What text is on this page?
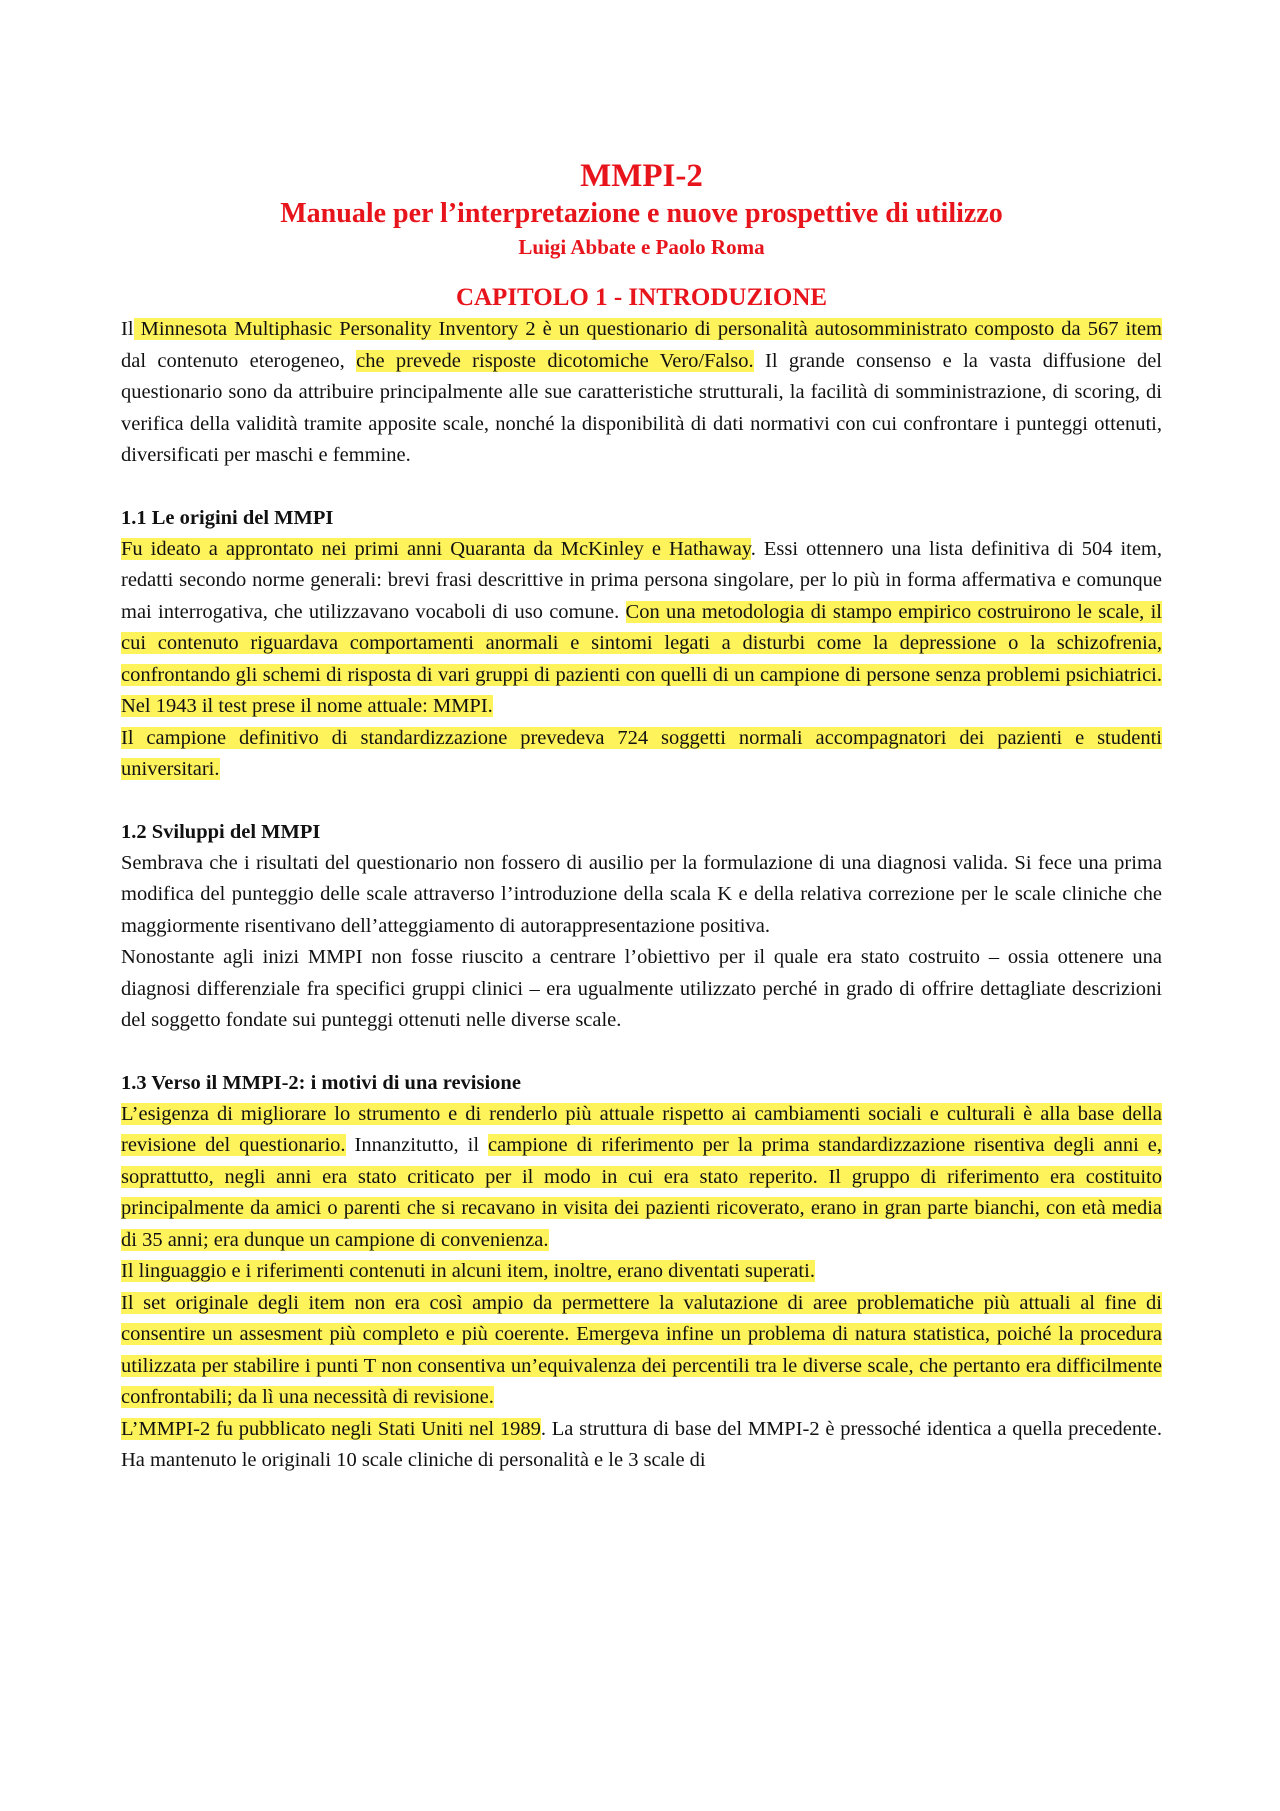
MMPI-2

Manuale per l’interpretazione e nuove prospettive di utilizzo

Luigi Abbate e Paolo Roma

CAPITOLO 1 - INTRODUZIONE

Il Minnesota Multiphasic Personality Inventory 2 è un questionario di personalità autosomministrato composto da 567 item dal contenuto eterogeneo, che prevede risposte dicotomiche Vero/Falso. Il grande consenso e la vasta diffusione del questionario sono da attribuire principalmente alle sue caratteristiche strutturali, la facilità di somministrazione, di scoring, di verifica della validità tramite apposite scale, nonché la disponibilità di dati normativi con cui confrontare i punteggi ottenuti, diversificati per maschi e femmine.

1.1 Le origini del MMPI

Fu ideato a approntato nei primi anni Quaranta da McKinley e Hathaway. Essi ottennero una lista definitiva di 504 item, redatti secondo norme generali: brevi frasi descrittive in prima persona singolare, per lo più in forma affermativa e comunque mai interrogativa, che utilizzavano vocaboli di uso comune. Con una metodologia di stampo empirico costruirono le scale, il cui contenuto riguardava comportamenti anormali e sintomi legati a disturbi come la depressione o la schizofrenia, confrontando gli schemi di risposta di vari gruppi di pazienti con quelli di un campione di persone senza problemi psichiatrici. Nel 1943 il test prese il nome attuale: MMPI.

Il campione definitivo di standardizzazione prevedeva 724 soggetti normali accompagnatori dei pazienti e studenti universitari.

1.2 Sviluppi del MMPI

Sembrava che i risultati del questionario non fossero di ausilio per la formulazione di una diagnosi valida. Si fece una prima modifica del punteggio delle scale attraverso l’introduzione della scala K e della relativa correzione per le scale cliniche che maggiormente risentivano dell’atteggiamento di autorappresentazione positiva.

Nonostante agli inizi MMPI non fosse riuscito a centrare l’obiettivo per il quale era stato costruito – ossia ottenere una diagnosi differenziale fra specifici gruppi clinici – era ugualmente utilizzato perché in grado di offrire dettagliate descrizioni del soggetto fondate sui punteggi ottenuti nelle diverse scale.

1.3 Verso il MMPI-2: i motivi di una revisione

L’esigenza di migliorare lo strumento e di renderlo più attuale rispetto ai cambiamenti sociali e culturali è alla base della revisione del questionario. Innanzitutto, il campione di riferimento per la prima standardizzazione risentiva degli anni e, soprattutto, negli anni era stato criticato per il modo in cui era stato reperito. Il gruppo di riferimento era costituito principalmente da amici o parenti che si recavano in visita dei pazienti ricoverato, erano in gran parte bianchi, con età media di 35 anni; era dunque un campione di convenienza.

Il linguaggio e i riferimenti contenuti in alcuni item, inoltre, erano diventati superati.

Il set originale degli item non era così ampio da permettere la valutazione di aree problematiche più attuali al fine di consentire un assesment più completo e più coerente. Emergeva infine un problema di natura statistica, poiché la procedura utilizzata per stabilire i punti T non consentiva un’equivalenza dei percentili tra le diverse scale, che pertanto era difficilmente confrontabili; da lì una necessità di revisione.

L’MMPI-2 fu pubblicato negli Stati Uniti nel 1989. La struttura di base del MMPI-2 è pressoché identica a quella precedente. Ha mantenuto le originali 10 scale cliniche di personalità e le 3 scale di
